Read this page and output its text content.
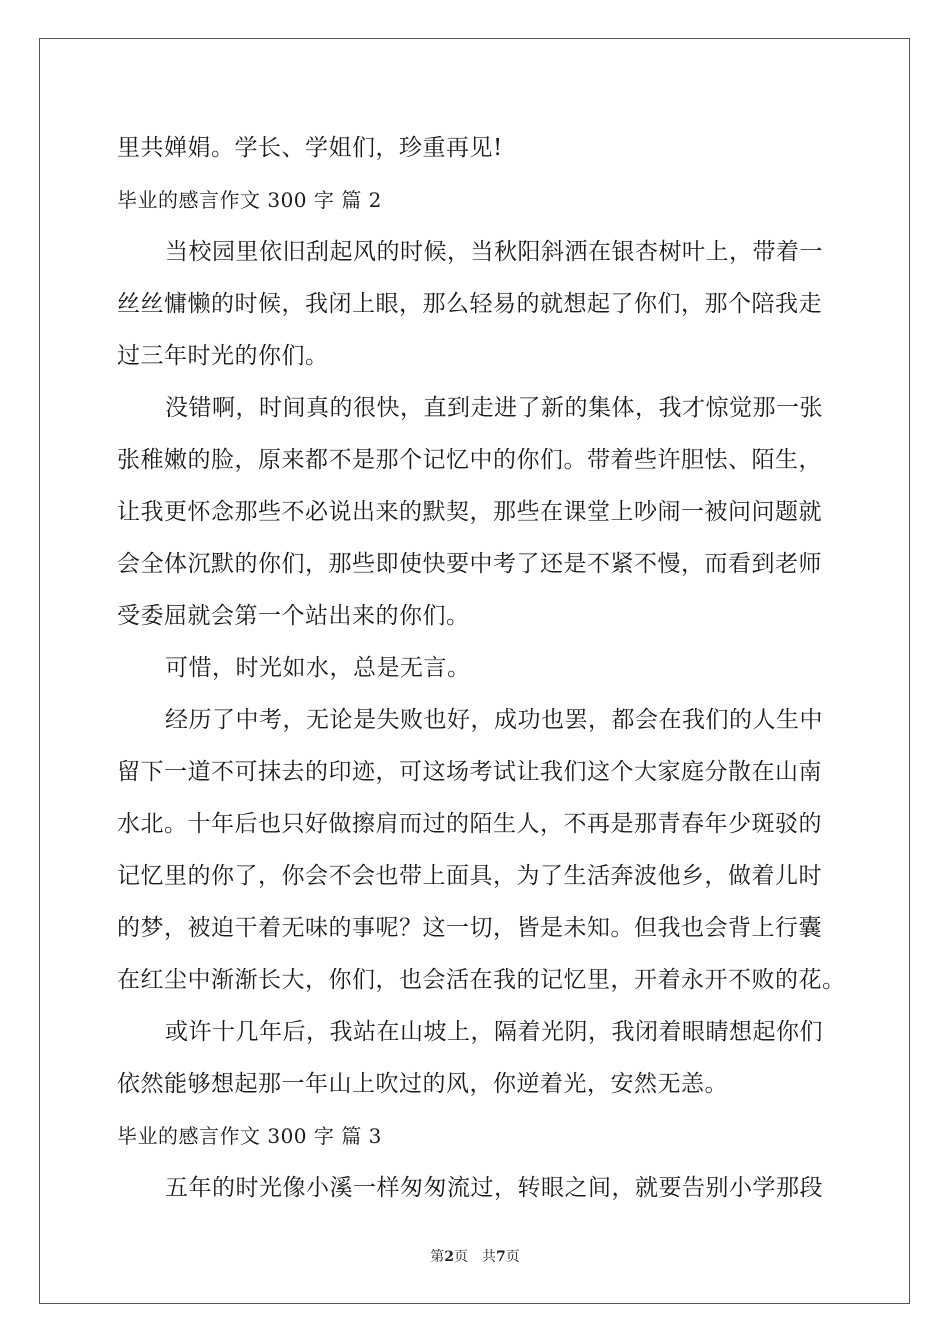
里共婵娟。学长、学姐们，珍重再见!
毕业的感言作文 300 字 篇 2
当校园里依旧刮起风的时候，当秋阳斜洒在银杏树叶上，带着一
丝丝慵懒的时候，我闭上眼，那么轻易的就想起了你们，那个陪我走
过三年时光的你们。
没错啊，时间真的很快，直到走进了新的集体，我才惊觉那一张
张稚嫩的脸，原来都不是那个记忆中的你们。带着些许胆怯、陌生，
让我更怀念那些不必说出来的默契，那些在课堂上吵闹一被问问题就
会全体沉默的你们，那些即使快要中考了还是不紧不慢，而看到老师
受委屈就会第一个站出来的你们。
可惜，时光如水，总是无言。
经历了中考，无论是失败也好，成功也罢，都会在我们的人生中
留下一道不可抹去的印迹，可这场考试让我们这个大家庭分散在山南
水北。十年后也只好做擦肩而过的陌生人，不再是那青春年少斑驳的
记忆里的你了，你会不会也带上面具，为了生活奔波他乡，做着儿时
的梦，被迫干着无味的事呢？这一切，皆是未知。但我也会背上行囊
在红尘中渐渐长大，你们，也会活在我的记忆里，开着永开不败的花。
或许十几年后，我站在山坡上，隔着光阴，我闭着眼睛想起你们
依然能够想起那一年山上吹过的风，你逆着光，安然无恙。
毕业的感言作文 300 字 篇 3
五年的时光像小溪一样匆匆流过，转眼之间，就要告别小学那段
第2页 共7页
